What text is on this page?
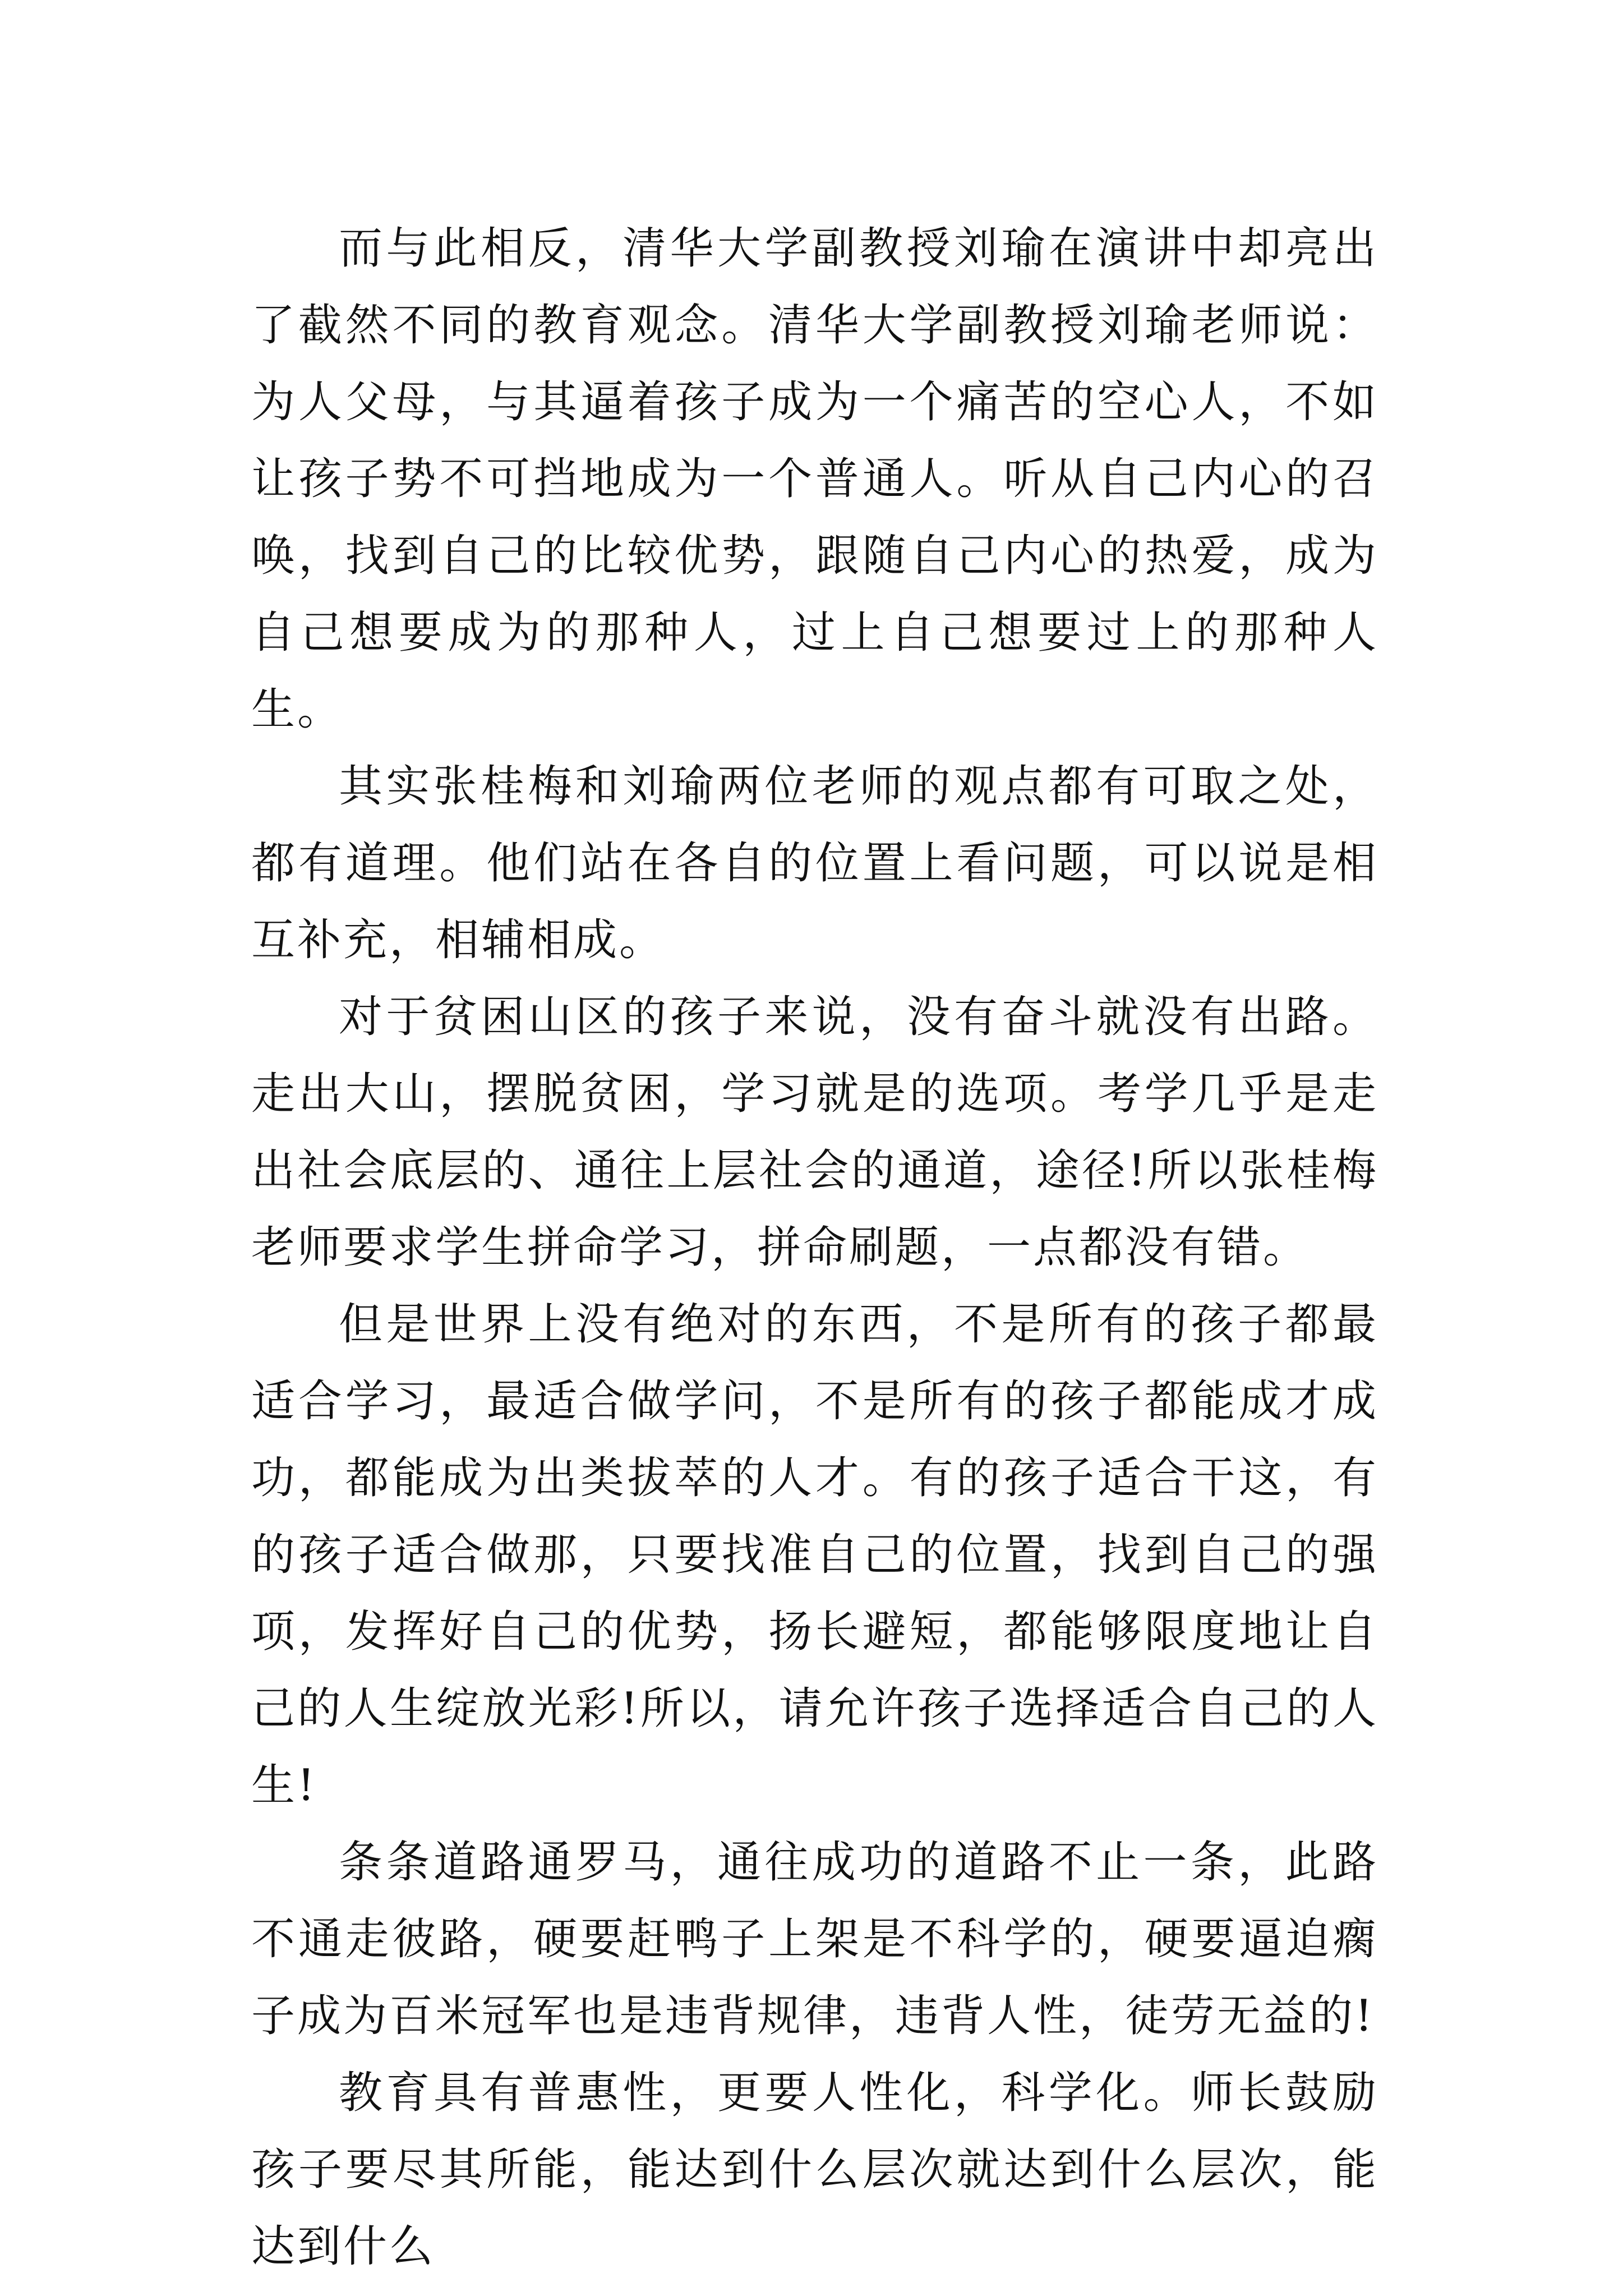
而与此相反，清华大学副教授刘瑜在演讲中却亮出了截然不同的教育观念。清华大学副教授刘瑜老师说：为人父母，与其逼着孩子成为一个痛苦的空心人，不如让孩子势不可挡地成为一个普通人。听从自己内心的召唤，找到自己的比较优势，跟随自己内心的热爱，成为自己想要成为的那种人，过上自己想要过上的那种人生。

其实张桂梅和刘瑜两位老师的观点都有可取之处，都有道理。他们站在各自的位置上看问题，可以说是相互补充，相辅相成。

对于贫困山区的孩子来说，没有奋斗就没有出路。走出大山，摆脱贫困，学习就是的选项。考学几乎是走出社会底层的、通往上层社会的通道，途径!所以张桂梅老师要求学生拼命学习，拼命刷题，一点都没有错。

但是世界上没有绝对的东西，不是所有的孩子都最适合学习，最适合做学问，不是所有的孩子都能成才成功，都能成为出类拔萃的人才。有的孩子适合干这，有的孩子适合做那，只要找准自己的位置，找到自己的强项，发挥好自己的优势，扬长避短，都能够限度地让自己的人生绽放光彩!所以，请允许孩子选择适合自己的人生!

条条道路通罗马，通往成功的道路不止一条，此路不通走彼路，硬要赶鸭子上架是不科学的，硬要逼迫瘸子成为百米冠军也是违背规律，违背人性，徒劳无益的!

教育具有普惠性，更要人性化，科学化。师长鼓励孩子要尽其所能，能达到什么层次就达到什么层次，能达到什么
